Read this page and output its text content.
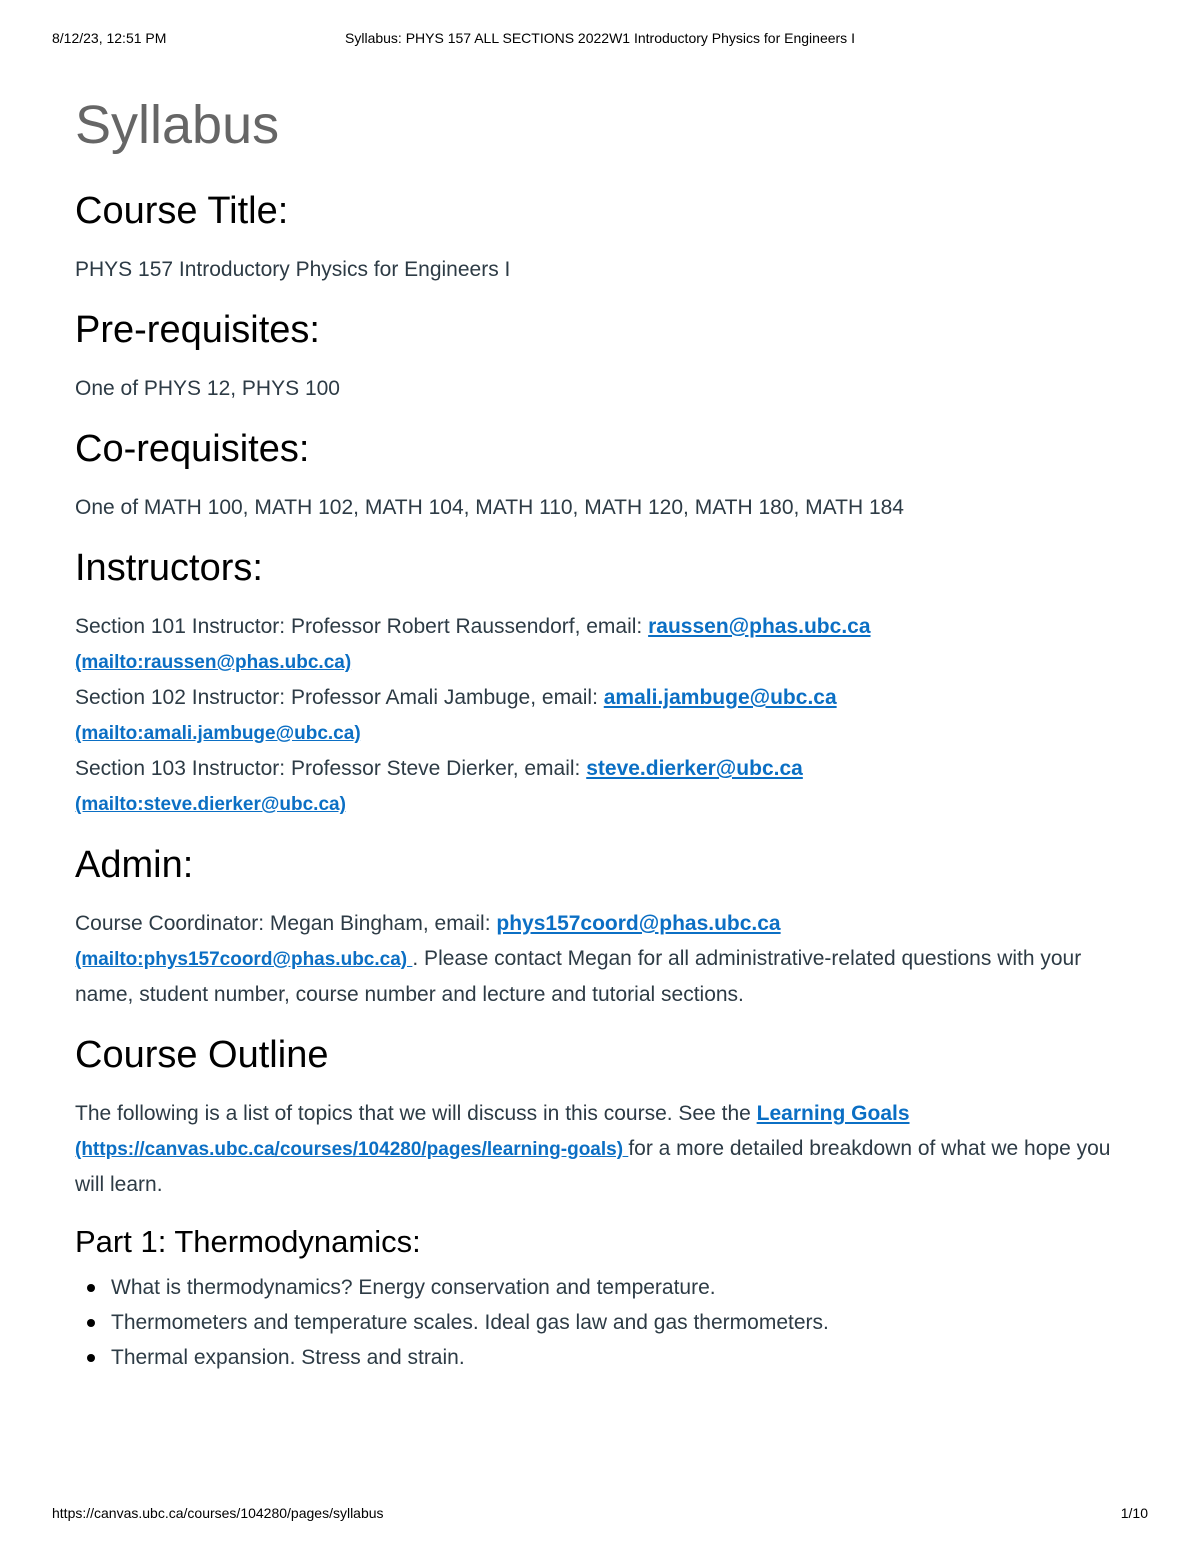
8/12/23, 12:51 PM	Syllabus: PHYS 157 ALL SECTIONS 2022W1 Introductory Physics for Engineers I
Syllabus
Course Title:

PHYS 157 Introductory Physics for Engineers I

Pre-requisites:

One of PHYS 12, PHYS 100

Co-requisites:

One of MATH 100, MATH 102, MATH 104, MATH 110, MATH 120, MATH 180, MATH 184

Instructors:

Section 101 Instructor: Professor Robert Raussendorf, email: raussen@phas.ubc.ca
(mailto:raussen@phas.ubc.ca)
Section 102 Instructor: Professor Amali Jambuge, email: amali.jambuge@ubc.ca
(mailto:amali.jambuge@ubc.ca)
Section 103 Instructor: Professor Steve Dierker, email: steve.dierker@ubc.ca
(mailto:steve.dierker@ubc.ca)

Admin:

Course Coordinator: Megan Bingham, email: phys157coord@phas.ubc.ca
(mailto:phys157coord@phas.ubc.ca) . Please contact Megan for all administrative-related questions with your name, student number, course number and lecture and tutorial sections.

Course Outline

The following is a list of topics that we will discuss in this course. See the Learning Goals
(https://canvas.ubc.ca/courses/104280/pages/learning-goals) for a more detailed breakdown of what we hope you will learn.

Part 1: Thermodynamics:
What is thermodynamics? Energy conservation and temperature.
Thermometers and temperature scales. Ideal gas law and gas thermometers.
Thermal expansion. Stress and strain.
https://canvas.ubc.ca/courses/104280/pages/syllabus	1/10
